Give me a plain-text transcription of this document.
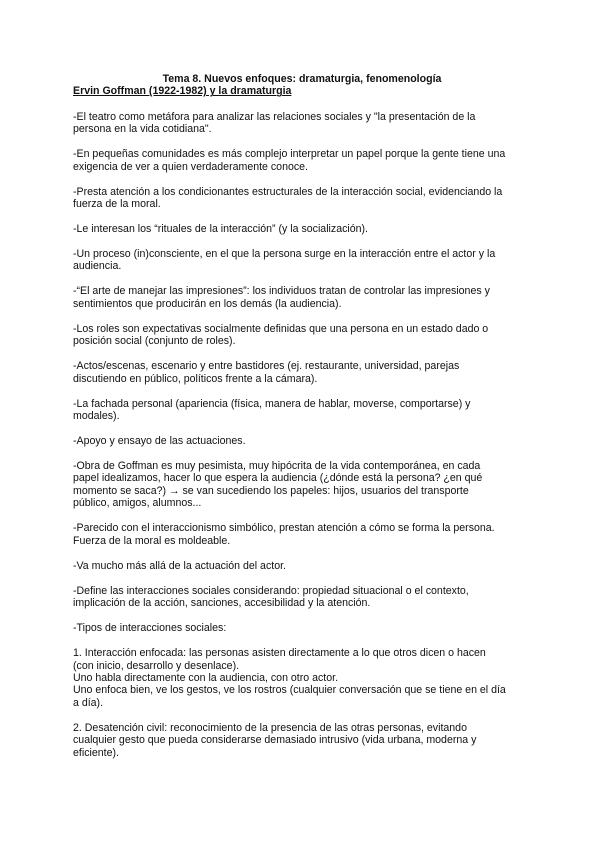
Tema 8. Nuevos enfoques: dramaturgia, fenomenología
Ervin Goffman (1922-1982) y la dramaturgia
-El teatro como metáfora para analizar las relaciones sociales y "la presentación de la
persona en la vida cotidiana".
-En pequeñas comunidades es más complejo interpretar un papel porque la gente tiene una
exigencia de ver a quien verdaderamente conoce.
-Presta atención a los condicionantes estructurales de la interacción social, evidenciando la
fuerza de la moral.
-Le interesan los “rituales de la interacción” (y la socialización).
-Un proceso (in)consciente, en el que la persona surge en la interacción entre el actor y la
audiencia.
-“El arte de manejar las impresiones”: los individuos tratan de controlar las impresiones y
sentimientos que producirán en los demás (la audiencia).
-Los roles son expectativas socialmente definidas que una persona en un estado dado o
posición social (conjunto de roles).
-Actos/escenas, escenario y entre bastidores (ej. restaurante, universidad, parejas
discutiendo en público, políticos frente a la cámara).
-La fachada personal (apariencia (física, manera de hablar, moverse, comportarse) y
modales).
-Apoyo y ensayo de las actuaciones.
-Obra de Goffman es muy pesimista, muy hipócrita de la vida contemporánea, en cada
papel idealizamos, hacer lo que espera la audiencia (¿dónde está la persona? ¿en qué
momento se saca?) → se van sucediendo los papeles: hijos, usuarios del transporte
público, amigos, alumnos...
-Parecido con el interaccionismo simbólico, prestan atención a cómo se forma la persona.
Fuerza de la moral es moldeable.
-Va mucho más allá de la actuación del actor.
-Define las interacciones sociales considerando: propiedad situacional o el contexto,
implicación de la acción, sanciones, accesibilidad y la atención.
-Tipos de interacciones sociales:
1. Interacción enfocada: las personas asisten directamente a lo que otros dicen o hacen
(con inicio, desarrollo y desenlace).
Uno habla directamente con la audiencia, con otro actor.
Uno enfoca bien, ve los gestos, ve los rostros (cualquier conversación que se tiene en el día
a día).
2. Desatención civil: reconocimiento de la presencia de las otras personas, evitando
cualquier gesto que pueda considerarse demasiado intrusivo (vida urbana, moderna y
eficiente).
